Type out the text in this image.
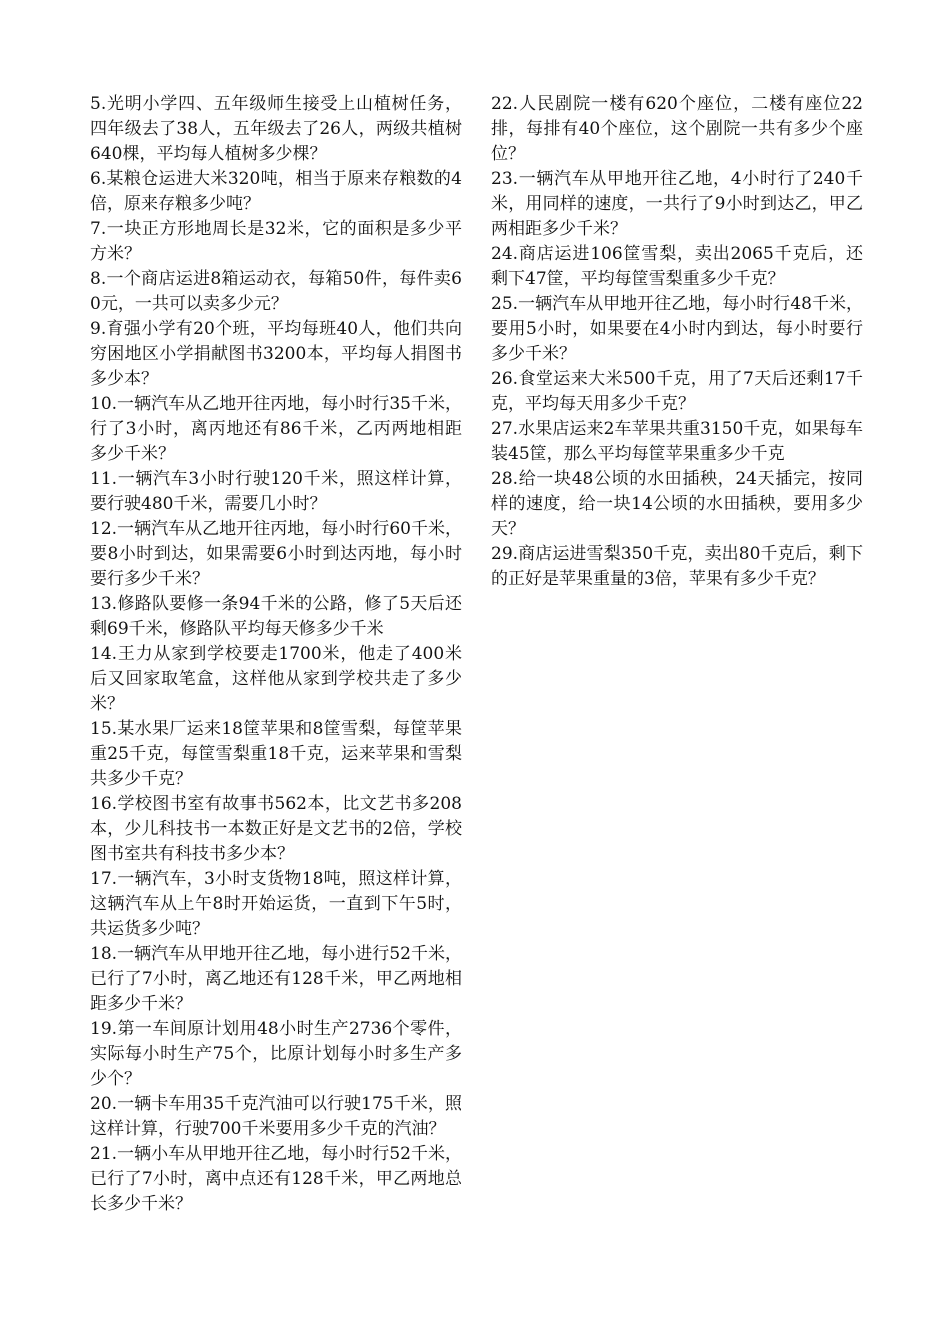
5.光明小学四、五年级师生接受上山植树任务，四年级去了38人，五年级去了26人，两级共植树640棵，平均每人植树多少棵？

6.某粮仓运进大米320吨，相当于原来存粮数的4倍，原来存粮多少吨？

7.一块正方形地周长是32米，它的面积是多少平方米？

8.一个商店运进8箱运动衣，每箱50件，每件卖60元，一共可以卖多少元？

9.育强小学有20个班，平均每班40人，他们共向穷困地区小学捐献图书3200本，平均每人捐图书多少本？

10.一辆汽车从乙地开往丙地，每小时行35千米，行了3小时，离丙地还有86千米，乙丙两地相距多少千米？

11.一辆汽车3小时行驶120千米，照这样计算，要行驶480千米，需要几小时？

12.一辆汽车从乙地开往丙地，每小时行60千米，要8小时到达，如果需要6小时到达丙地，每小时要行多少千米？

13.修路队要修一条94千米的公路，修了5天后还剩69千米，修路队平均每天修多少千米

14.王力从家到学校要走1700米，他走了400米后又回家取笔盒，这样他从家到学校共走了多少米？

15.某水果厂运来18筐苹果和8筐雪梨，每筐苹果重25千克，每筐雪梨重18千克，运来苹果和雪梨共多少千克？

16.学校图书室有故事书562本，比文艺书多208本，少儿科技书一本数正好是文艺书的2倍，学校图书室共有科技书多少本？

17.一辆汽车，3小时支货物18吨，照这样计算，这辆汽车从上午8时开始运货，一直到下午5时，共运货多少吨？

18.一辆汽车从甲地开往乙地，每小进行52千米，已行了7小时，离乙地还有128千米，甲乙两地相距多少千米？

19.第一车间原计划用48小时生产2736个零件，实际每小时生产75个，比原计划每小时多生产多少个？

20.一辆卡车用35千克汽油可以行驶175千米，照这样计算，行驶700千米要用多少千克的汽油？

21.一辆小车从甲地开往乙地，每小时行52千米，已行了7小时，离中点还有128千米，甲乙两地总长多少千米？

22.人民剧院一楼有620个座位，二楼有座位22排，每排有40个座位，这个剧院一共有多少个座位？

23.一辆汽车从甲地开往乙地，4小时行了240千米，用同样的速度，一共行了9小时到达乙，甲乙两相距多少千米？

24.商店运进106筐雪梨，卖出2065千克后，还剩下47筐，平均每筐雪梨重多少千克？

25.一辆汽车从甲地开往乙地，每小时行48千米，要用5小时，如果要在4小时内到达，每小时要行多少千米？

26.食堂运来大米500千克，用了7天后还剩17千克，平均每天用多少千克？

27.水果店运来2车苹果共重3150千克，如果每车装45筐，那么平均每筐苹果重多少千克

28.给一块48公顷的水田插秧，24天插完，按同样的速度，给一块14公顷的水田插秧，要用多少天？

29.商店运进雪梨350千克，卖出80千克后，剩下的正好是苹果重量的3倍，苹果有多少千克？
